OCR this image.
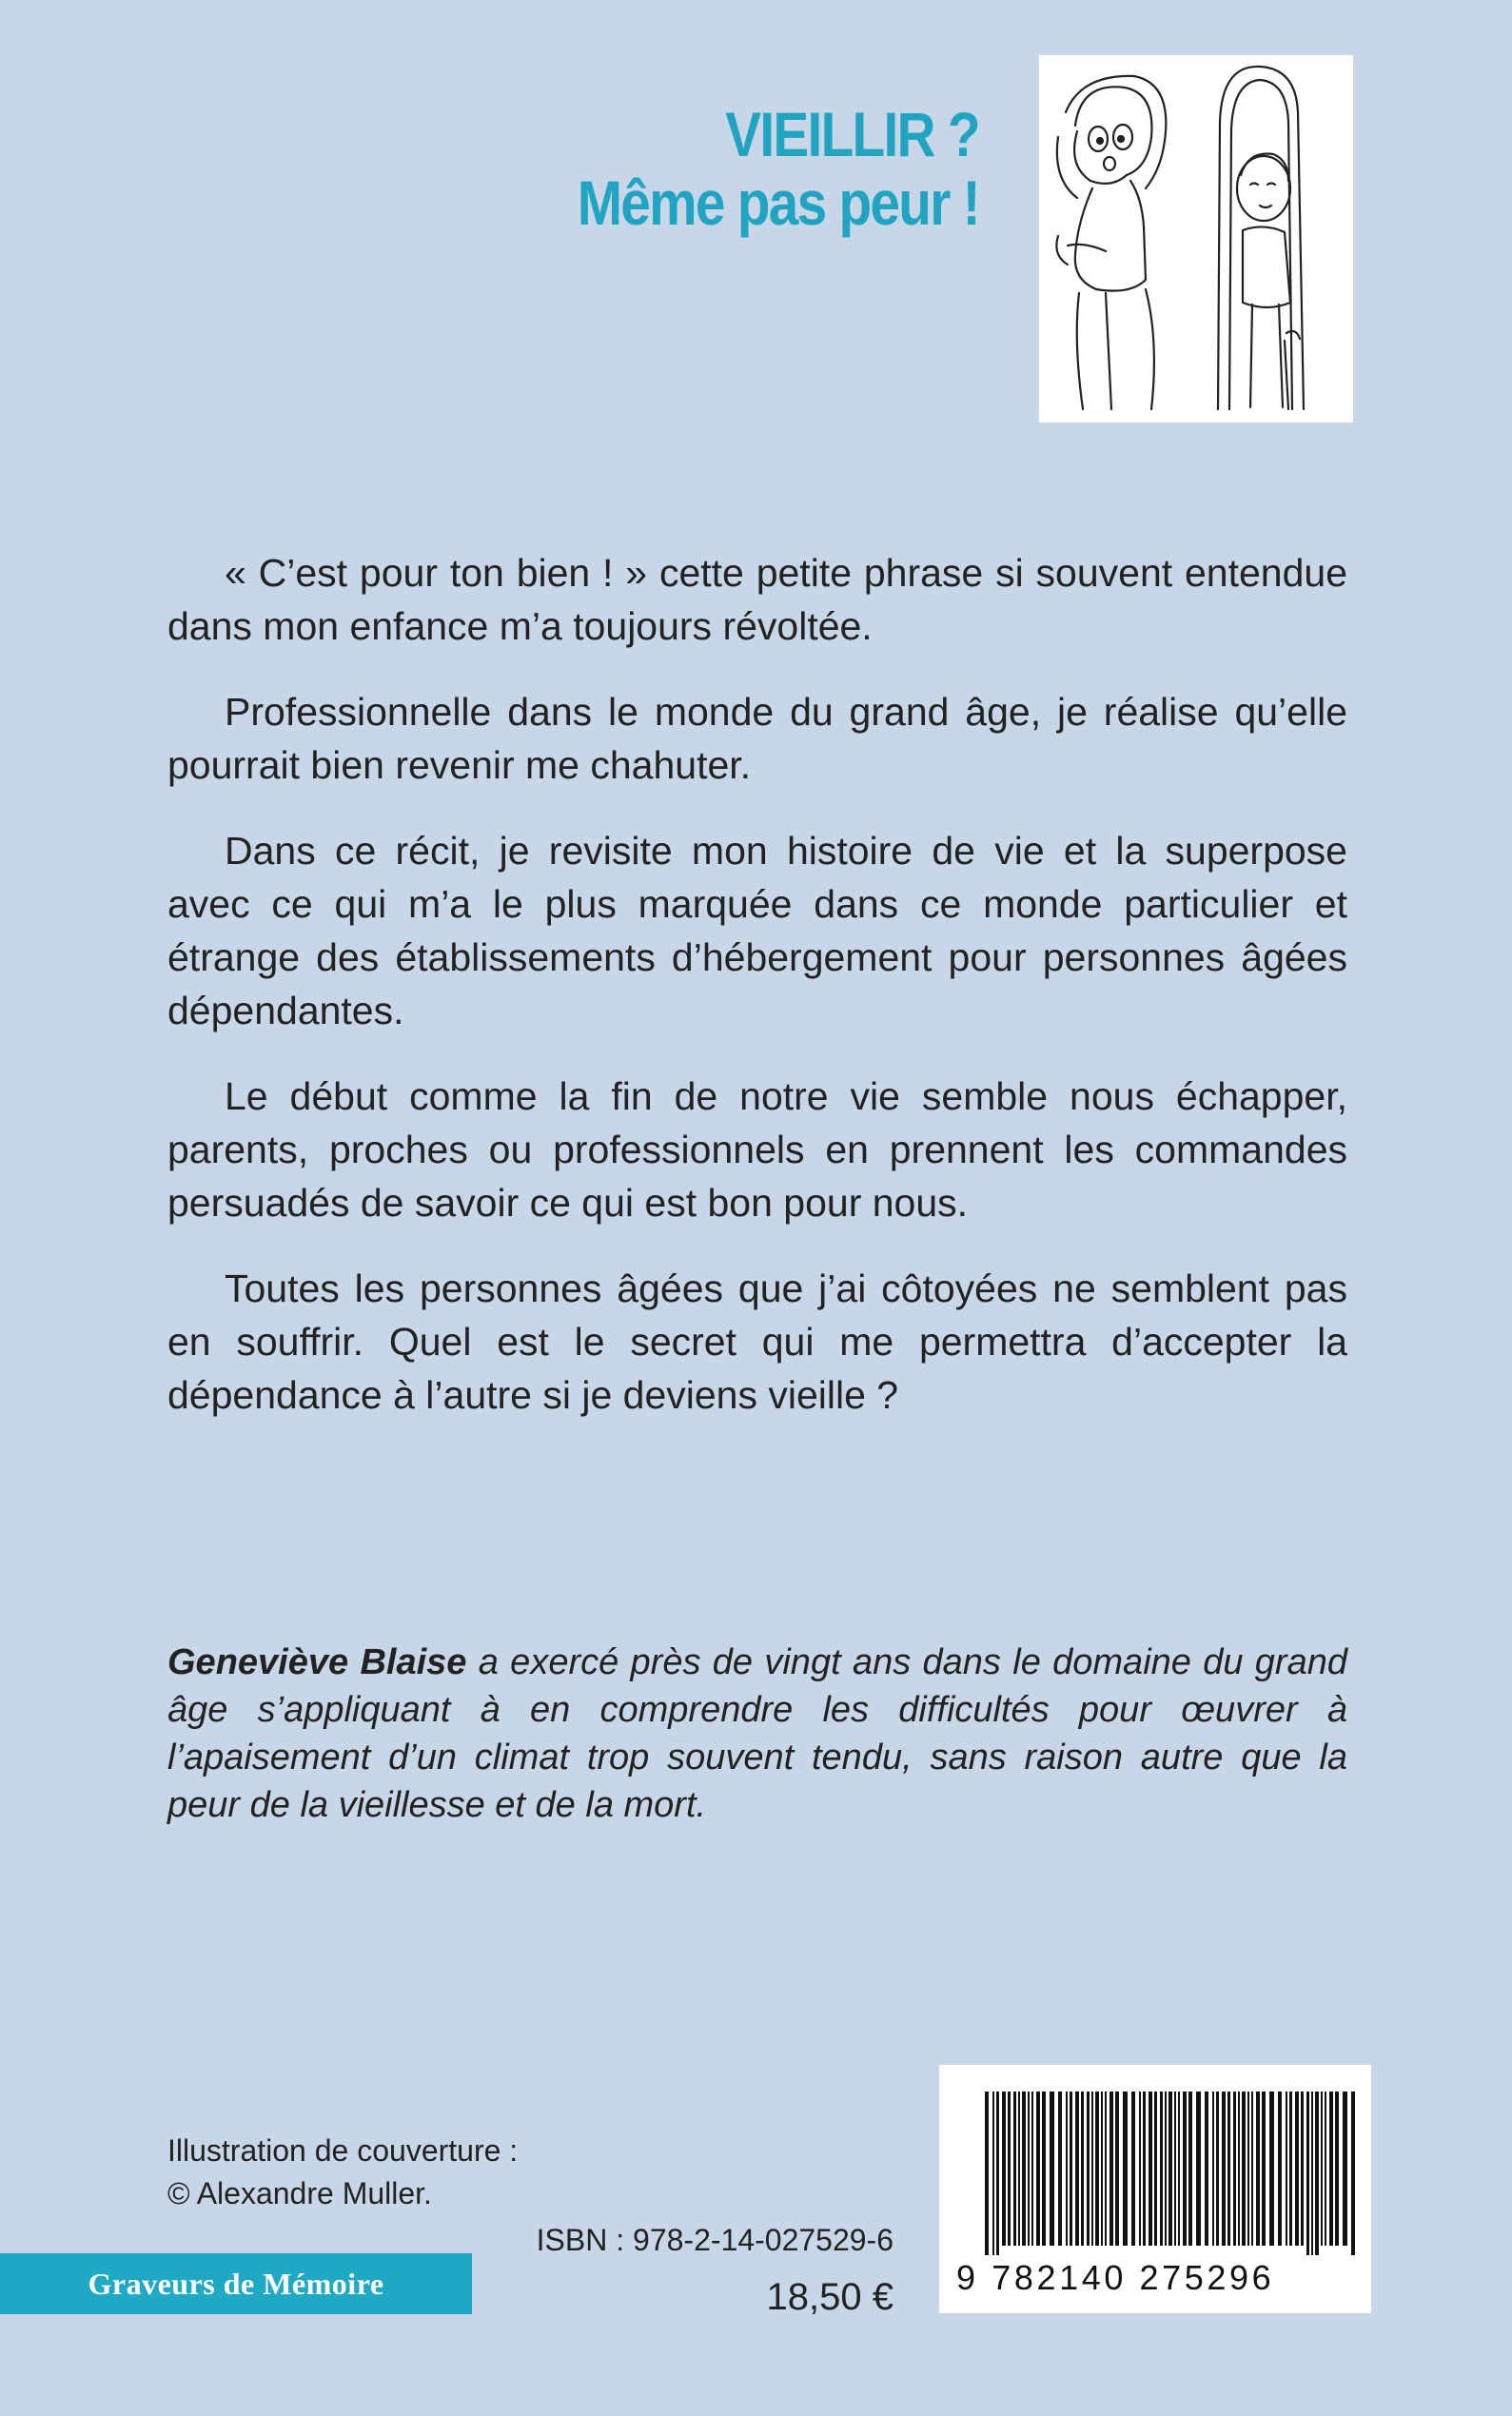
VIEILLIR ?
Même pas peur !

« C’est pour ton bien ! » cette petite phrase si souvent entendue dans mon enfance m’a toujours révoltée.

Professionnelle dans le monde du grand âge, je réalise qu’elle pourrait bien revenir me chahuter.

Dans ce récit, je revisite mon histoire de vie et la superpose avec ce qui m’a le plus marquée dans ce monde particulier et étrange des établissements d’hébergement pour personnes âgées dépendantes.

Le début comme la fin de notre vie semble nous échapper, parents, proches ou professionnels en prennent les commandes persuadés de savoir ce qui est bon pour nous.

Toutes les personnes âgées que j’ai côtoyées ne semblent pas en souffrir. Quel est le secret qui me permettra d’accepter la dépendance à l’autre si je deviens vieille ?

Geneviève Blaise a exercé près de vingt ans dans le domaine du grand âge s’appliquant à en comprendre les difficultés pour œuvrer à l’apaisement d’un climat trop souvent tendu, sans raison autre que la peur de la vieillesse et de la mort.
Illustration de couverture :
© Alexandre Muller.
Graveurs de Mémoire
ISBN : 978-2-14-027529-6
18,50 € 9 782140 275296
